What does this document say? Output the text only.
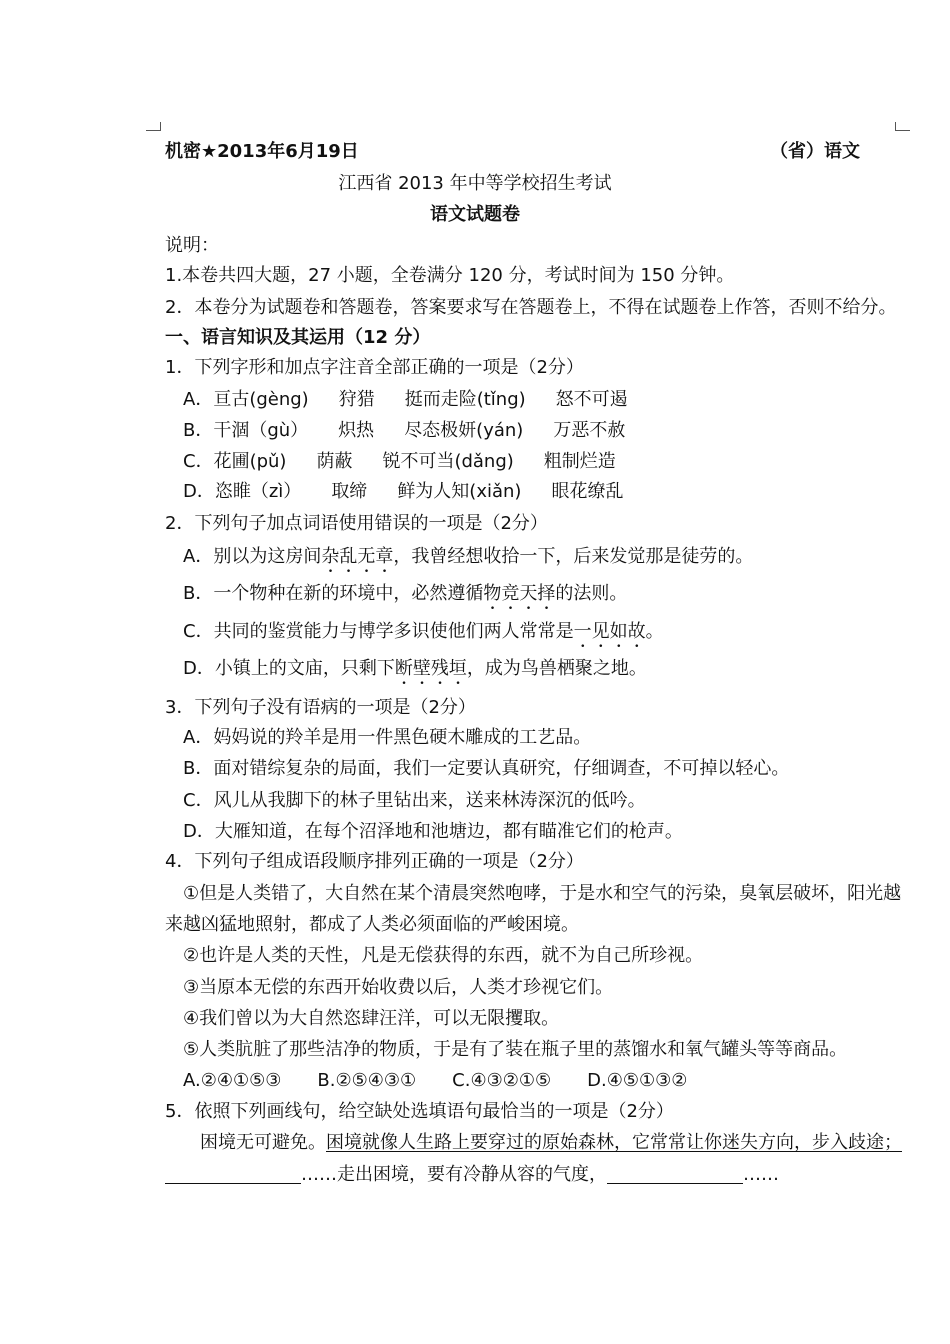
机密★2013年6月19日	（省）语文
江西省 2013 年中等学校招生考试
语文试题卷
说明：
1.本卷共四大题，27 小题，全卷满分 120 分，考试时间为 150 分钟。
2．本卷分为试题卷和答题卷，答案要求写在答题卷上，不得在试题卷上作答，否则不给分。
一、语言知识及其运用（12 分）
1．下列字形和加点字注音全部正确的一项是（2分）
A．亘古(gèng) 狩猎 挺而走险(tǐng) 怒不可遏
B．干涸（gù） 炽热 尽态极妍(yán) 万恶不赦
C．花圃(pǔ) 荫蔽 锐不可当(dǎng) 粗制烂造
D．恣睢（zì） 取缔 鲜为人知(xiǎn) 眼花缭乱
2．下列句子加点词语使用错误的一项是（2分）
A．别以为这房间杂乱无章，我曾经想收拾一下，后来发觉那是徒劳的。
B．一个物种在新的环境中，必然遵循物竞天择的法则。
C．共同的鉴赏能力与博学多识使他们两人常常是一见如故。
D．小镇上的文庙，只剩下断壁残垣，成为鸟兽栖聚之地。
3．下列句子没有语病的一项是（2分）
A．妈妈说的羚羊是用一件黑色硬木雕成的工艺品。
B．面对错综复杂的局面，我们一定要认真研究，仔细调查，不可掉以轻心。
C．风儿从我脚下的林子里钻出来，送来林涛深沉的低吟。
D．大雁知道，在每个沼泽地和池塘边，都有瞄准它们的枪声。
4．下列句子组成语段顺序排列正确的一项是（2分）
①但是人类错了，大自然在某个清晨突然咆哮，于是水和空气的污染，臭氧层破坏，阳光越
来越凶猛地照射，都成了人类必须面临的严峻困境。
②也许是人类的天性，凡是无偿获得的东西，就不为自己所珍视。
③当原本无偿的东西开始收费以后，人类才珍视它们。
④我们曾以为大自然恣肆汪洋，可以无限攫取。
⑤人类肮脏了那些洁净的物质，于是有了装在瓶子里的蒸馏水和氧气罐头等等商品。
A.②④①⑤③ B.②⑤④③① C.④③②①⑤ D.④⑤①③②
5．依照下列画线句，给空缺处选填语句最恰当的一项是（2分）
困境无可避免。困境就像人生路上要穿过的原始森林，它常常让你迷失方向，步入歧途；
……走出困境，要有冷静从容的气度，	……
